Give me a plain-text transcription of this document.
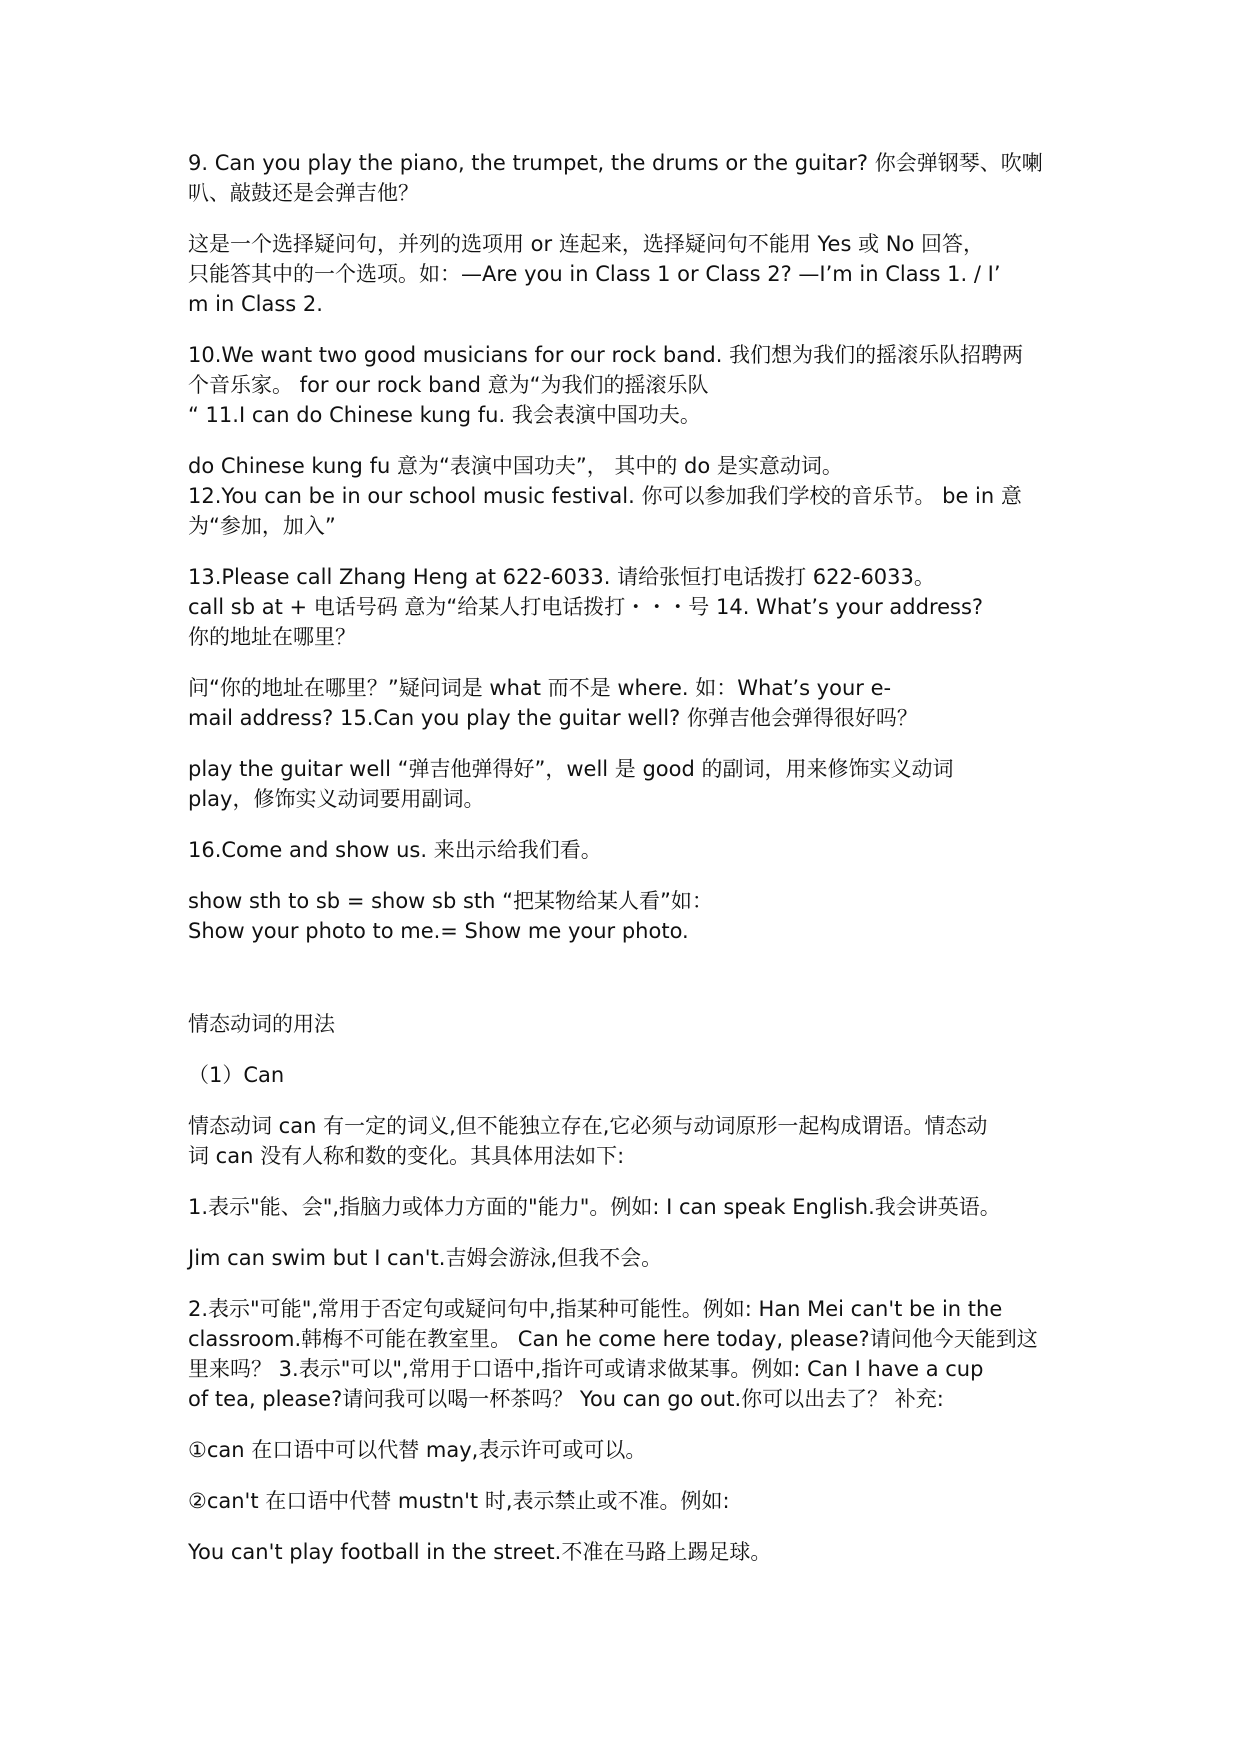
9. Can you play the piano, the trumpet, the drums or the guitar? 你会弹钢琴、吹喇
叭、敲鼓还是会弹吉他？
这是一个选择疑问句，并列的选项用 or 连起来，选择疑问句不能用 Yes 或 No 回答，
只能答其中的一个选项。如：—Are you in Class 1 or Class 2? —I’m in Class 1. / I’
m in Class 2.
10.We want two good musicians for our rock band. 我们想为我们的摇滚乐队招聘两
个音乐家。 for our rock band 意为“为我们的摇滚乐队
“ 11.I can do Chinese kung fu. 我会表演中国功夫。
do Chinese kung fu 意为“表演中国功夫”， 其中的 do 是实意动词。
12.You can be in our school music festival. 你可以参加我们学校的音乐节。 be in 意
为“参加，加入”
13.Please call Zhang Heng at 622-6033. 请给张恒打电话拨打 622-6033。
call sb at + 电话号码 意为“给某人打电话拨打・・・号 14. What’s your address?
你的地址在哪里？
问“你的地址在哪里？”疑问词是 what 而不是 where. 如：What’s your e-
mail address? 15.Can you play the guitar well? 你弹吉他会弹得很好吗？
play the guitar well “弹吉他弹得好”，well 是 good 的副词，用来修饰实义动词
play，修饰实义动词要用副词。
16.Come and show us. 来出示给我们看。
show sth to sb = show sb sth “把某物给某人看”如：
Show your photo to me.= Show me your photo.
情态动词的用法
（1）Can
情态动词 can 有一定的词义,但不能独立存在,它必须与动词原形一起构成谓语。情态动
词 can 没有人称和数的变化。其具体用法如下:
1.表示"能、会",指脑力或体力方面的"能力"。例如: I can speak English.我会讲英语。
Jim can swim but I can't.吉姆会游泳,但我不会。
2.表示"可能",常用于否定句或疑问句中,指某种可能性。例如: Han Mei can't be in the
classroom.韩梅不可能在教室里。 Can he come here today, please?请问他今天能到这
里来吗？ 3.表示"可以",常用于口语中,指许可或请求做某事。例如: Can I have a cup
of tea, please?请问我可以喝一杯茶吗？ You can go out.你可以出去了？ 补充:
①can 在口语中可以代替 may,表示许可或可以。
②can't 在口语中代替 mustn't 时,表示禁止或不准。例如:
You can't play football in the street.不准在马路上踢足球。
